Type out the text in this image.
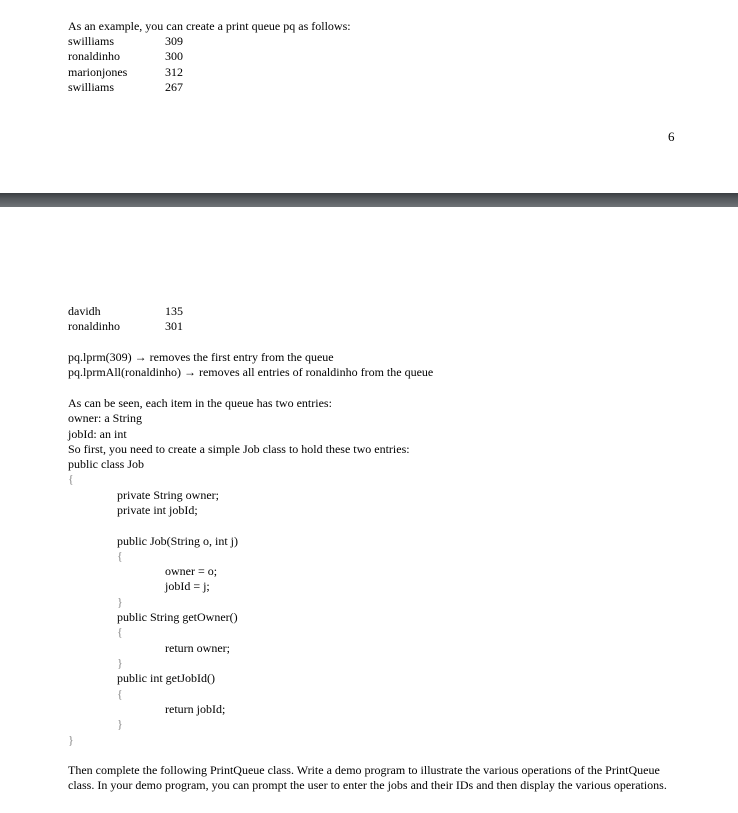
As an example, you can create a print queue pq as follows:
swilliams	309
ronaldinho	300
marionjones	312
swilliams	267
6
davidh	135
ronaldinho	301
pq.lprm(309) → removes the first entry from the queue
pq.lprmAll(ronaldinho) → removes all entries of ronaldinho from the queue
As can be seen, each item in the queue has two entries:
owner: a String
jobId: an int
So first, you need to create a simple Job class to hold these two entries:
public class Job
{
private String owner;
private int jobId;
public Job(String o, int j)
{
owner = o;
jobId = j;
}
public String getOwner()
{
return owner;
}
public int getJobId()
{
return jobId;
}
}
Then complete the following PrintQueue class. Write a demo program to illustrate the various operations of the PrintQueue class. In your demo program, you can prompt the user to enter the jobs and their IDs and then display the various operations.
